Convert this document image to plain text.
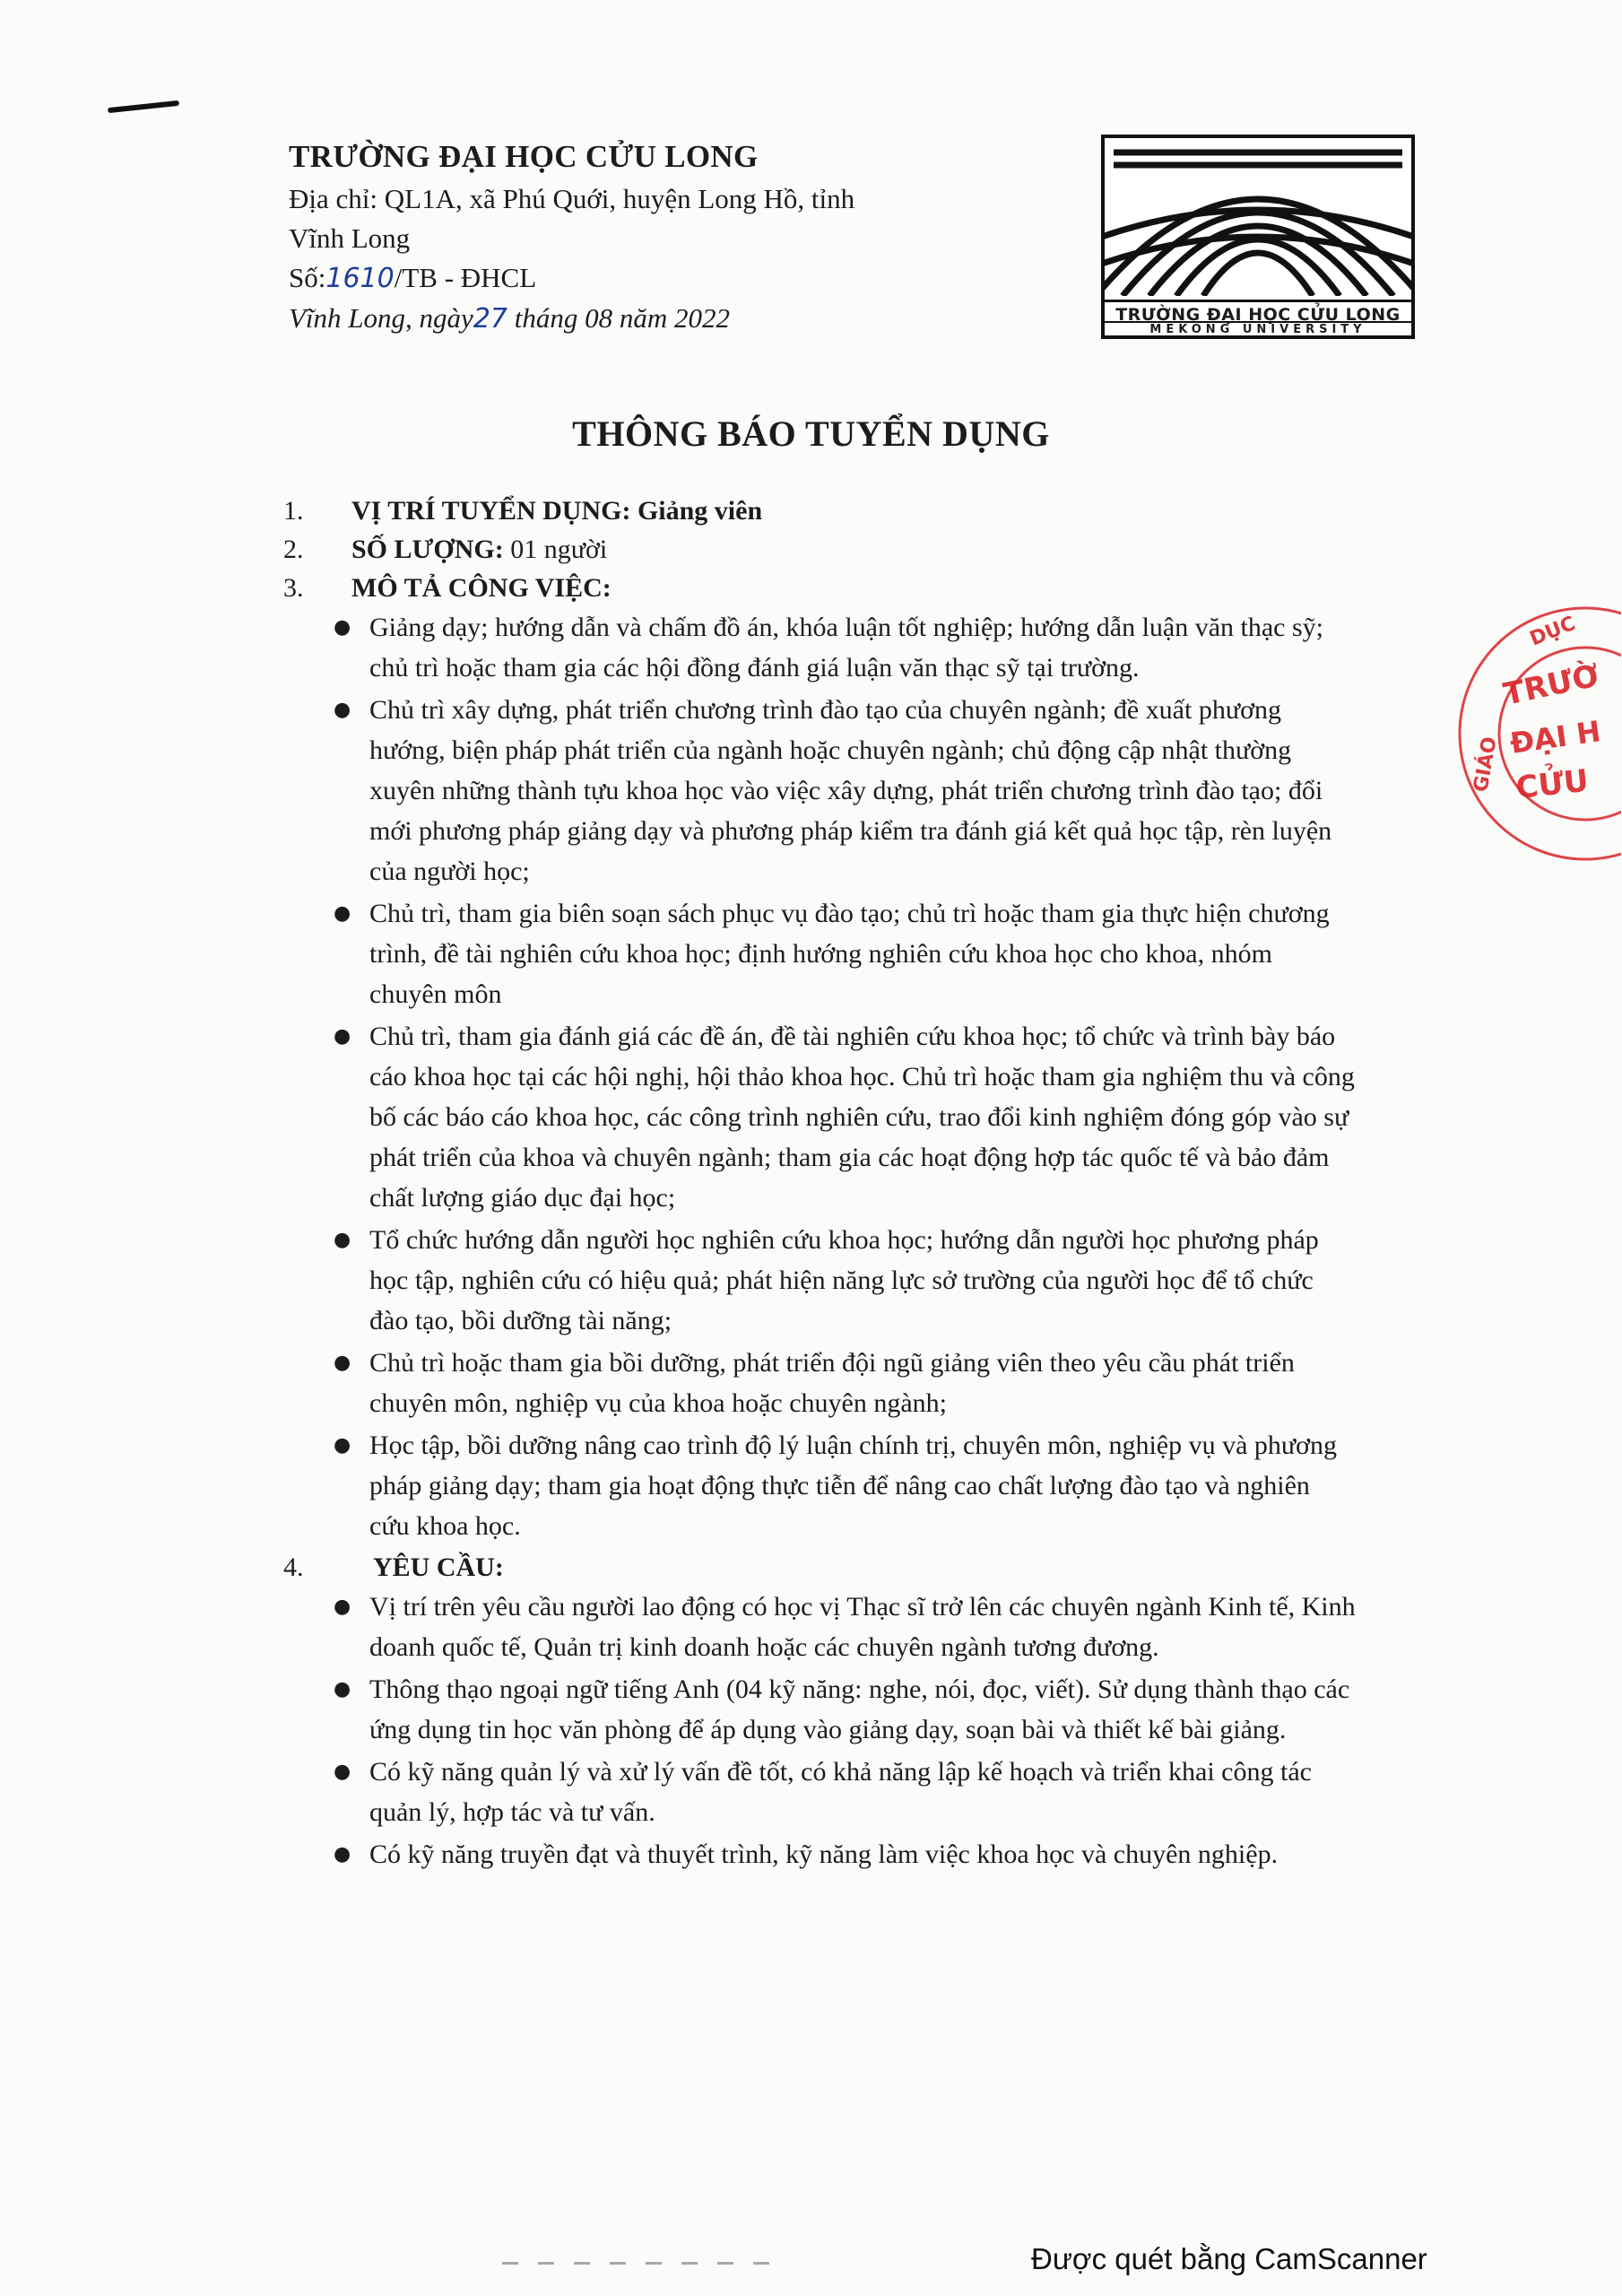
TRƯỜNG ĐẠI HỌC CỬU LONG
Địa chỉ: QL1A, xã Phú Quới, huyện Long Hồ, tỉnh
Vĩnh Long
Số:1610/TB - ĐHCL
Vĩnh Long, ngày27 tháng 08 năm 2022	TRƯỜNG ĐẠI HỌC CỬU LONG
MEKONG UNIVERSITY
THÔNG BÁO TUYỂN DỤNG
1. VỊ TRÍ TUYỂN DỤNG: Giảng viên
2. SỐ LƯỢNG: 01 người
3. MÔ TẢ CÔNG VIỆC:
● Giảng dạy; hướng dẫn và chấm đồ án, khóa luận tốt nghiệp; hướng dẫn luận văn thạc sỹ; chủ trì hoặc tham gia các hội đồng đánh giá luận văn thạc sỹ tại trường.
● Chủ trì xây dựng, phát triển chương trình đào tạo của chuyên ngành; đề xuất phương hướng, biện pháp phát triển của ngành hoặc chuyên ngành; chủ động cập nhật thường xuyên những thành tựu khoa học vào việc xây dựng, phát triển chương trình đào tạo; đổi mới phương pháp giảng dạy và phương pháp kiểm tra đánh giá kết quả học tập, rèn luyện của người học;
● Chủ trì, tham gia biên soạn sách phục vụ đào tạo; chủ trì hoặc tham gia thực hiện chương trình, đề tài nghiên cứu khoa học; định hướng nghiên cứu khoa học cho khoa, nhóm chuyên môn
● Chủ trì, tham gia đánh giá các đề án, đề tài nghiên cứu khoa học; tổ chức và trình bày báo cáo khoa học tại các hội nghị, hội thảo khoa học. Chủ trì hoặc tham gia nghiệm thu và công bố các báo cáo khoa học, các công trình nghiên cứu, trao đổi kinh nghiệm đóng góp vào sự phát triển của khoa và chuyên ngành; tham gia các hoạt động hợp tác quốc tế và bảo đảm chất lượng giáo dục đại học;
● Tổ chức hướng dẫn người học nghiên cứu khoa học; hướng dẫn người học phương pháp học tập, nghiên cứu có hiệu quả; phát hiện năng lực sở trường của người học để tổ chức đào tạo, bồi dưỡng tài năng;
● Chủ trì hoặc tham gia bồi dưỡng, phát triển đội ngũ giảng viên theo yêu cầu phát triển chuyên môn, nghiệp vụ của khoa hoặc chuyên ngành;
● Học tập, bồi dưỡng nâng cao trình độ lý luận chính trị, chuyên môn, nghiệp vụ và phương pháp giảng dạy; tham gia hoạt động thực tiễn để nâng cao chất lượng đào tạo và nghiên cứu khoa học.
4.	YÊU CẦU:
● Vị trí trên yêu cầu người lao động có học vị Thạc sĩ trở lên các chuyên ngành Kinh tế, Kinh doanh quốc tế, Quản trị kinh doanh hoặc các chuyên ngành tương đương.
● Thông thạo ngoại ngữ tiếng Anh (04 kỹ năng: nghe, nói, đọc, viết). Sử dụng thành thạo các ứng dụng tin học văn phòng để áp dụng vào giảng dạy, soạn bài và thiết kế bài giảng.
● Có kỹ năng quản lý và xử lý vấn đề tốt, có khả năng lập kế hoạch và triển khai công tác quản lý, hợp tác và tư vấn.
● Có kỹ năng truyền đạt và thuyết trình, kỹ năng làm việc khoa học và chuyên nghiệp.
TRƯỜ
ĐẠI H
CỬU
GIÁO
DỤC
Được quét bằng CamScanner
